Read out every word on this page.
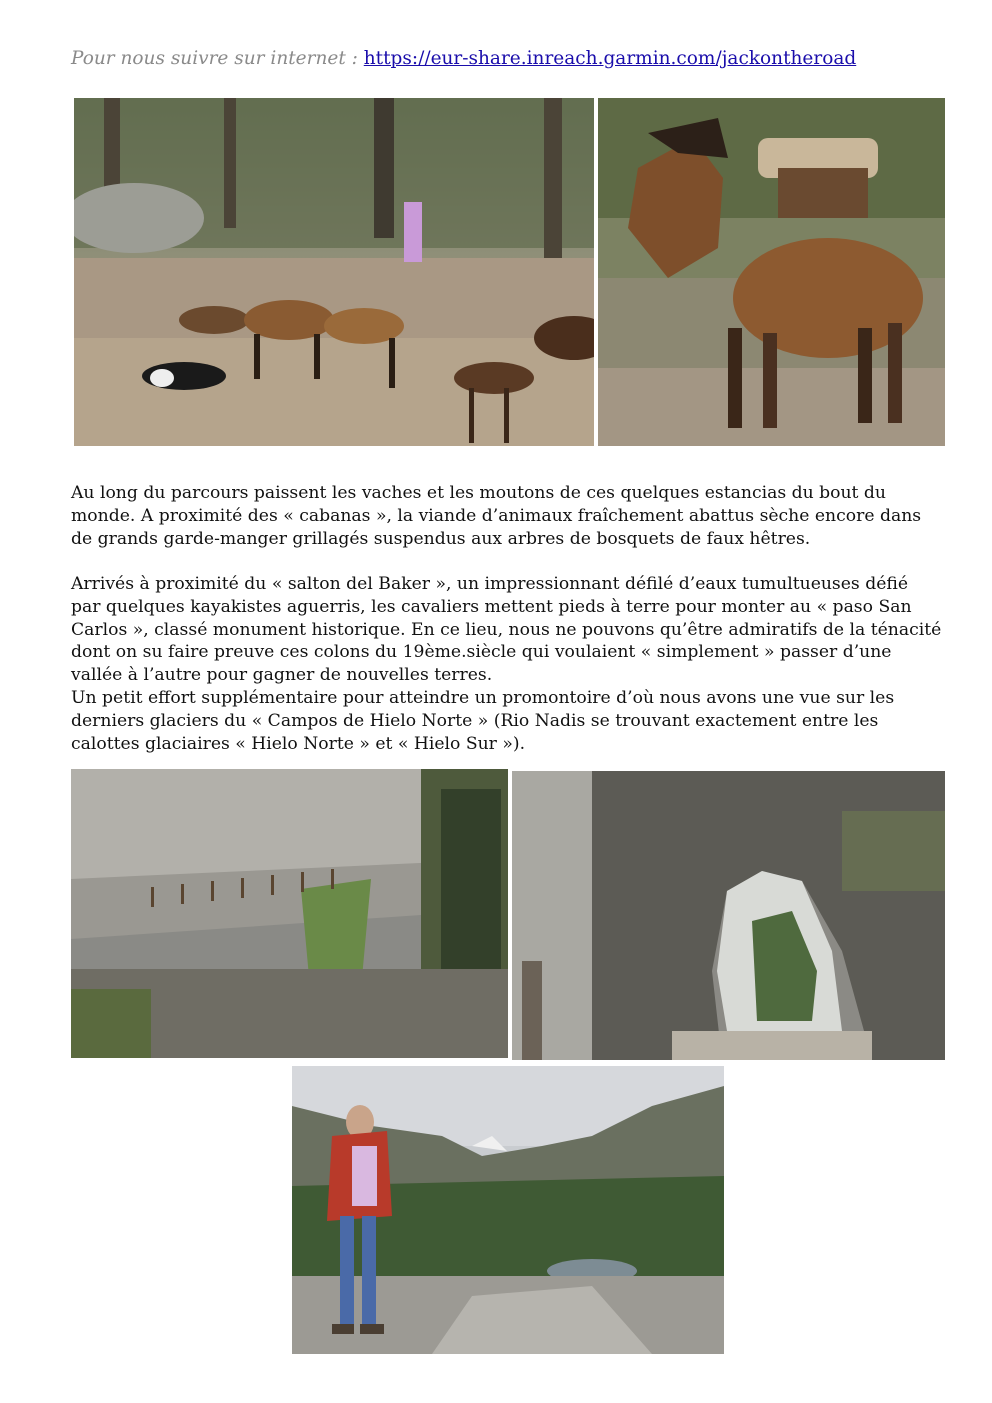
Pour nous suivre sur internet : https://eur-share.inreach.garmin.com/jackontheroad

Au long du parcours paissent les vaches et les moutons de ces quelques estancias du bout du

monde. A proximité des « cabanas », la viande d’animaux fraîchement abattus sèche encore dans

de grands garde-manger grillagés suspendus aux arbres de bosquets de faux hêtres.

Arrivés à proximité du « salton del Baker », un impressionnant défilé d’eaux tumultueuses défié

par quelques kayakistes aguerris, les cavaliers mettent pieds à terre pour monter au « paso San

Carlos », classé monument historique. En ce lieu, nous ne pouvons qu’être admiratifs de la ténacité

dont on su faire preuve ces colons du 19ème.siècle qui voulaient « simplement » passer d’une

vallée à l’autre pour gagner de nouvelles terres.

Un petit effort supplémentaire pour atteindre un promontoire d’où nous avons une vue sur les

derniers glaciers du « Campos de Hielo Norte » (Rio Nadis se trouvant exactement entre les

calottes glaciaires « Hielo Norte » et « Hielo Sur »).
